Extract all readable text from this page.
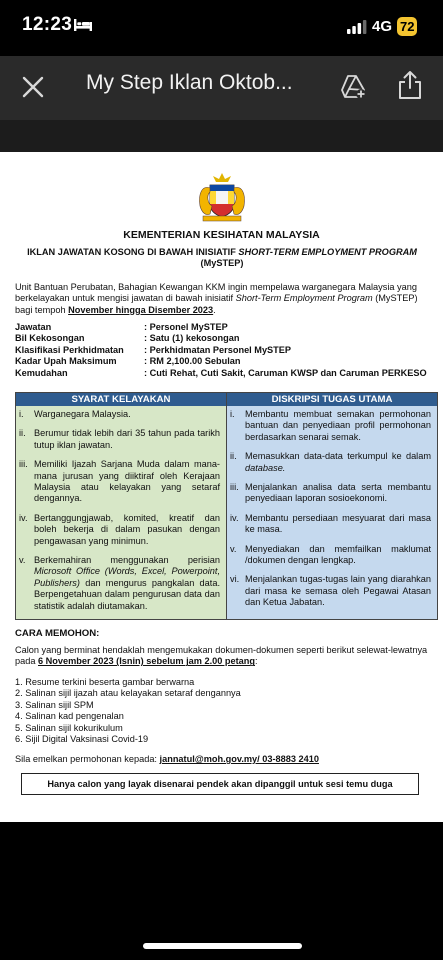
12:23	4G 72
My Step Iklan Oktob...
KEMENTERIAN KESIHATAN MALAYSIA
IKLAN JAWATAN KOSONG DI BAWAH INISIATIF SHORT-TERM EMPLOYMENT PROGRAM
(MySTEP)
Unit Bantuan Perubatan, Bahagian Kewangan KKM ingin mempelawa warganegara Malaysia yang berkelayakan untuk mengisi jawatan di bawah inisiatif Short-Term Employment Program (MySTEP) bagi tempoh November hingga Disember 2023.
Jawatan	: Personel MySTEP
Bil Kekosongan	: Satu (1) kekosongan
Klasifikasi Perkhidmatan	: Perkhidmatan Personel MySTEP
Kadar Upah Maksimum	: RM 2,100.00 Sebulan
Kemudahan	: Cuti Rehat, Cuti Sakit, Caruman KWSP dan Caruman PERKESO
SYARAT KELAYAKAN
i.	Warganegara Malaysia.
ii. Berumur tidak lebih dari 35 tahun pada tarikh tutup iklan jawatan.
iii. Memiliki Ijazah Sarjana Muda dalam mana-mana jurusan yang diiktiraf oleh Kerajaan Malaysia atau kelayakan yang setaraf dengannya.
iv. Bertanggungjawab, komited, kreatif dan boleh bekerja di dalam pasukan dengan pengawasan yang minimun.
v. Berkemahiran menggunakan perisian Microsoft Office (Words, Excel, Powerpoint, Publishers) dan mengurus pangkalan data. Berpengetahuan dalam pengurusan data dan statistik adalah diutamakan.
DISKRIPSI TUGAS UTAMA
i.	Membantu membuat semakan permohonan bantuan dan penyediaan profil permohonan berdasarkan senarai semak.
ii. Memasukkan data-data terkumpul ke dalam database.
iii. Menjalankan analisa data serta membantu penyediaan laporan sosioekonomi.
iv. Membantu persediaan mesyuarat dari masa ke masa.
v. Menyediakan dan memfailkan maklumat /dokumen dengan lengkap.
vi. Menjalankan tugas-tugas lain yang diarahkan dari masa ke semasa oleh Pegawai Atasan dan Ketua Jabatan.
CARA MEMOHON:
Calon yang berminat hendaklah mengemukakan dokumen-dokumen seperti berikut selewat-lewatnya pada 6 November 2023 (Isnin) sebelum jam 2.00 petang:
1. Resume terkini beserta gambar berwarna
2. Salinan sijil ijazah atau kelayakan setaraf dengannya
3. Salinan sijil SPM
4. Salinan kad pengenalan
5. Salinan sijil kokurikulum
6. Sijil Digital Vaksinasi Covid-19
Sila emelkan permohonan kepada: jannatul@moh.gov.my/ 03-8883 2410
Hanya calon yang layak disenarai pendek akan dipanggil untuk sesi temu duga
